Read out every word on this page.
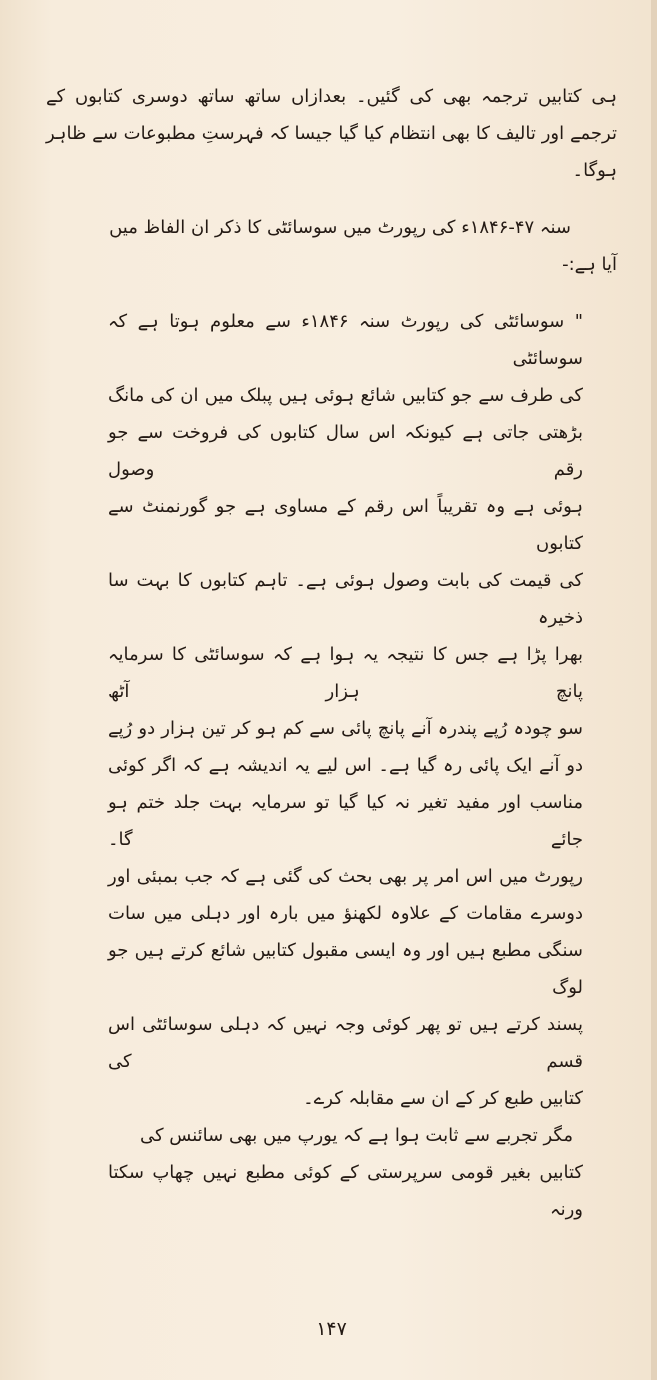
ہی کتابیں ترجمہ بھی کی گئیں۔ بعدازاں ساتھ ساتھ دوسری کتابوں کے
ترجمے اور تالیف کا بھی انتظام کیا گیا جیسا کہ فہرستِ مطبوعات سے ظاہر
ہوگا۔
سنہ ۴۷-۱۸۴۶ء کی رپورٹ میں سوسائٹی کا ذکر ان الفاظ میں
آیا ہے:-
" سوسائٹی کی رپورٹ سنہ ۱۸۴۶ء سے معلوم ہوتا ہے کہ سوسائٹی
کی طرف سے جو کتابیں شائع ہوئی ہیں پبلک میں ان کی مانگ
بڑھتی جاتی ہے کیونکہ اس سال کتابوں کی فروخت سے جو رقم وصول
ہوئی ہے وہ تقریباً اس رقم کے مساوی ہے جو گورنمنٹ سے کتابوں
کی قیمت کی بابت وصول ہوئی ہے۔ تاہم کتابوں کا بہت سا ذخیرہ
بھرا پڑا ہے جس کا نتیجہ یہ ہوا ہے کہ سوسائٹی کا سرمایہ پانچ ہزار آٹھ
سو چودہ رُپے پندرہ آنے پانچ پائی سے کم ہو کر تین ہزار دو رُپے
دو آنے ایک پائی رہ گیا ہے۔ اس لیے یہ اندیشہ ہے کہ اگر کوئی
مناسب اور مفید تغیر نہ کیا گیا تو سرمایہ بہت جلد ختم ہو جائے گا۔
رپورٹ میں اس امر پر بھی بحث کی گئی ہے کہ جب بمبئی اور
دوسرے مقامات کے علاوہ لکھنؤ میں بارہ اور دہلی میں سات
سنگی مطبع ہیں اور وہ ایسی مقبول کتابیں شائع کرتے ہیں جو لوگ
پسند کرتے ہیں تو پھر کوئی وجہ نہیں کہ دہلی سوسائٹی اس قسم کی
کتابیں طبع کر کے ان سے مقابلہ کرے۔
مگر تجربے سے ثابت ہوا ہے کہ یورپ میں بھی سائنس کی
کتابیں بغیر قومی سرپرستی کے کوئی مطبع نہیں چھاپ سکتا ورنہ
۱۴۷
